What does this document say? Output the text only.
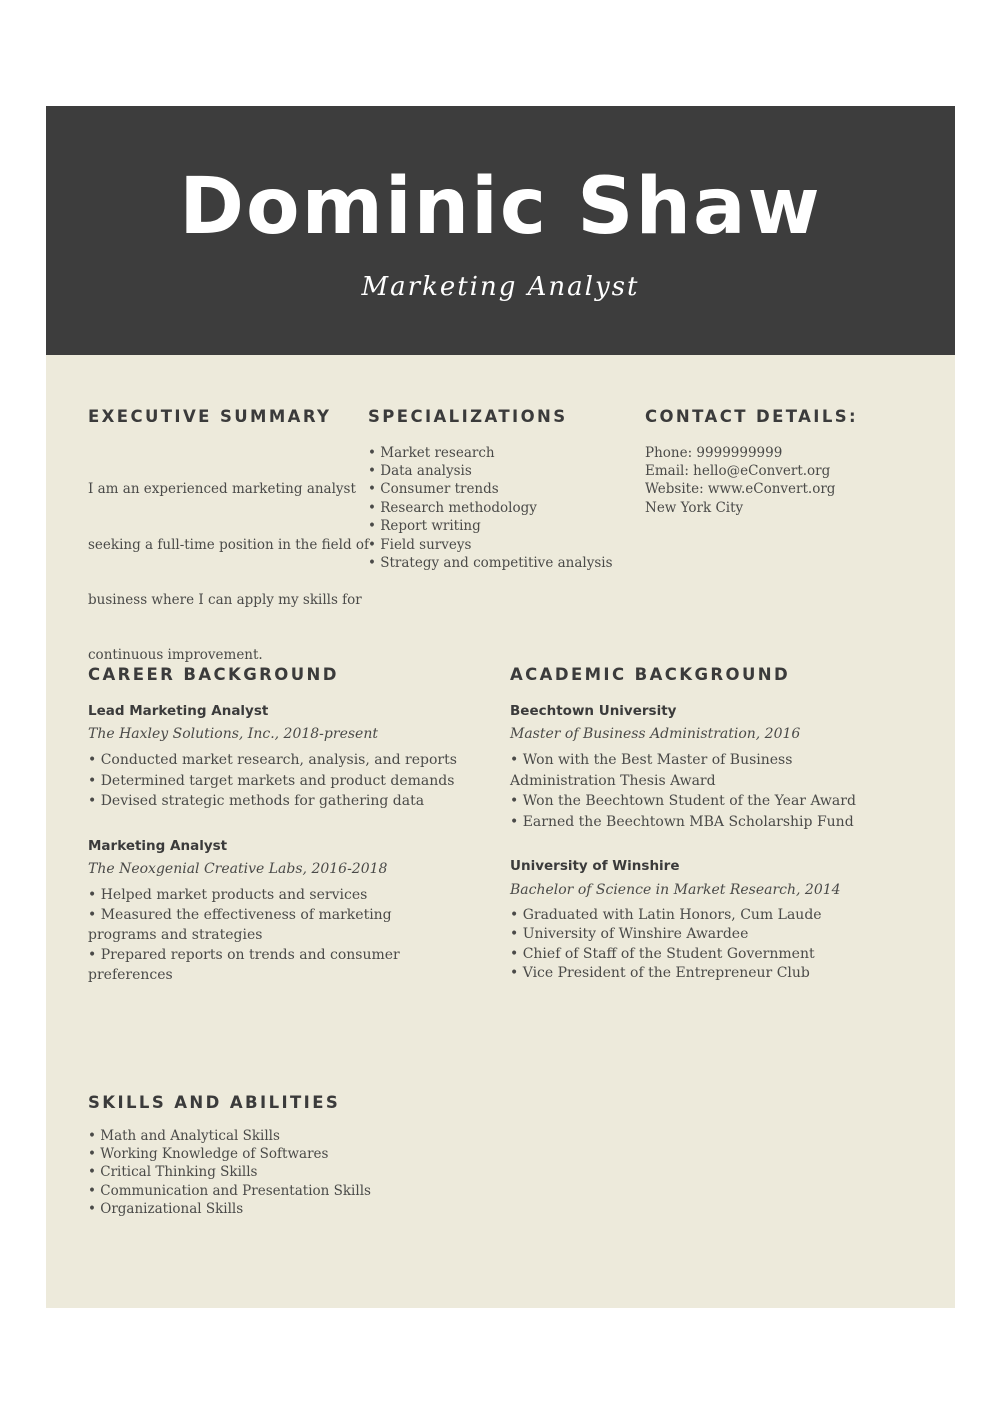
Dominic Shaw
Marketing Analyst
EXECUTIVE SUMMARY

I am an experienced marketing analyst

seeking a full-time position in the field of

business where I can apply my skills for

continuous improvement.

SPECIALIZATIONS
• Market research
• Data analysis
• Consumer trends
• Research methodology
• Report writing
• Field surveys
• Strategy and competitive analysis
CONTACT DETAILS:
Phone: 9999999999
Email: hello@eConvert.org
Website: www.eConvert.org
New York City
CAREER BACKGROUND
Lead Marketing Analyst
The Haxley Solutions, Inc., 2018-present
• Conducted market research, analysis, and reports
• Determined target markets and product demands
• Devised strategic methods for gathering data
Marketing Analyst
The Neoxgenial Creative Labs, 2016-2018
• Helped market products and services
• Measured the effectiveness of marketing programs and strategies
• Prepared reports on trends and consumer preferences
ACADEMIC BACKGROUND
Beechtown University
Master of Business Administration, 2016
• Won with the Best Master of Business Administration Thesis Award
• Won the Beechtown Student of the Year Award
• Earned the Beechtown MBA Scholarship Fund
University of Winshire
Bachelor of Science in Market Research, 2014
• Graduated with Latin Honors, Cum Laude
• University of Winshire Awardee
• Chief of Staff of the Student Government
• Vice President of the Entrepreneur Club
SKILLS AND ABILITIES
• Math and Analytical Skills
• Working Knowledge of Softwares
• Critical Thinking Skills
• Communication and Presentation Skills
• Organizational Skills
